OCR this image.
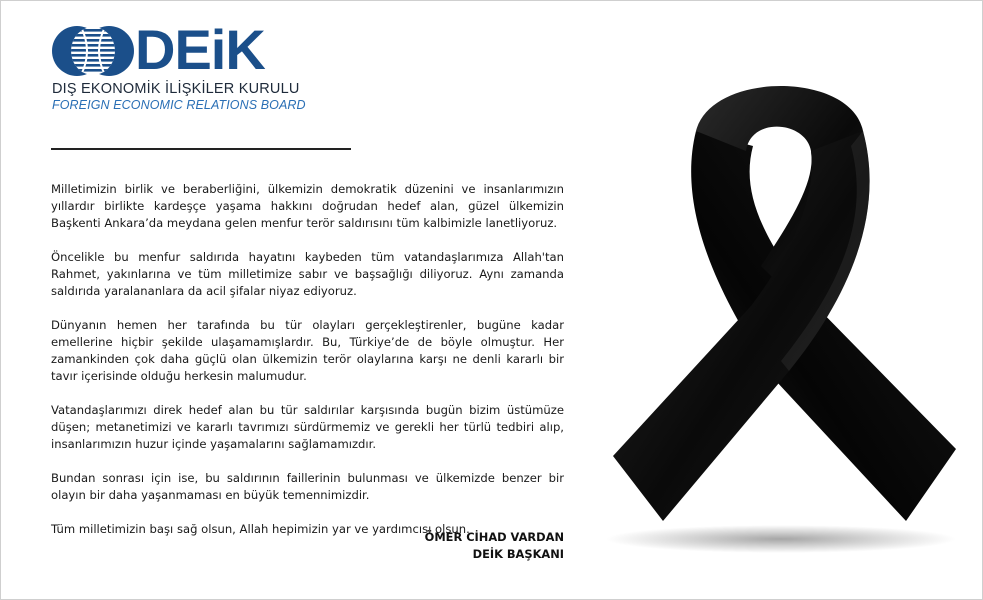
DEiK
DIŞ EKONOMİK İLİŞKİLER KURULU
FOREIGN ECONOMIC RELATIONS BOARD

Milletimizin birlik ve beraberliğini, ülkemizin demokratik düzenini ve insanlarımızın yıllardır birlikte kardeşçe yaşama hakkını doğrudan hedef alan, güzel ülkemizin Başkenti Ankara’da meydana gelen menfur terör saldırısını tüm kalbimizle lanetliyoruz.

Öncelikle bu menfur saldırıda hayatını kaybeden tüm vatandaşlarımıza Allah'tan Rahmet, yakınlarına ve tüm milletimize sabır ve başsağlığı diliyoruz. Aynı zamanda saldırıda yaralananlara da acil şifalar niyaz ediyoruz.

Dünyanın hemen her tarafında bu tür olayları gerçekleştirenler, bugüne kadar emellerine hiçbir şekilde ulaşamamışlardır. Bu, Türkiye’de de böyle olmuştur. Her zamankinden çok daha güçlü olan ülkemizin terör olaylarına karşı ne denli kararlı bir tavır içerisinde olduğu herkesin malumudur.

Vatandaşlarımızı direk hedef alan bu tür saldırılar karşısında bugün bizim üstümüze düşen; metanetimizi ve kararlı tavrımızı sürdürmemiz ve gerekli her türlü tedbiri alıp, insanlarımızın huzur içinde yaşamalarını sağlamamızdır.

Bundan sonrası için ise, bu saldırının faillerinin bulunması ve ülkemizde benzer bir olayın bir daha yaşanmaması en büyük temennimizdir.

Tüm milletimizin başı sağ olsun, Allah hepimizin yar ve yardımcısı olsun.

ÖMER CİHAD VARDAN
DEİK BAŞKANI
